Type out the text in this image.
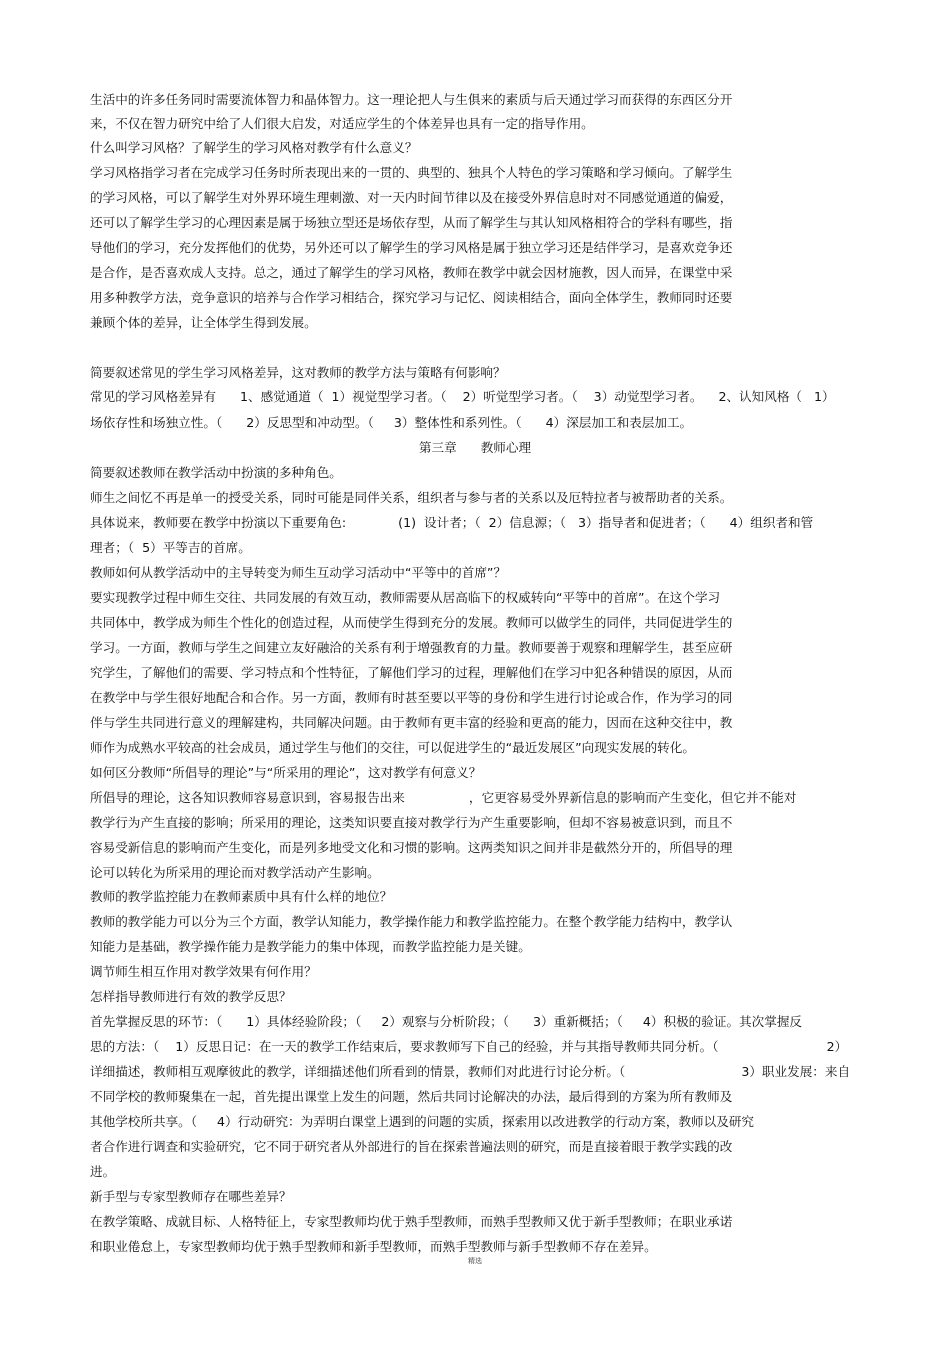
生活中的许多任务同时需要流体智力和晶体智力。这一理论把人与生俱来的素质与后天通过学习而获得的东西区分开
来，不仅在智力研究中给了人们很大启发，对适应学生的个体差异也具有一定的指导作用。
什么叫学习风格？了解学生的学习风格对教学有什么意义？
学习风格指学习者在完成学习任务时所表现出来的一贯的、典型的、独具个人特色的学习策略和学习倾向。了解学生
的学习风格，可以了解学生对外界环境生理刺激、对一天内时间节律以及在接受外界信息时对不同感觉通道的偏爱，
还可以了解学生学习的心理因素是属于场独立型还是场依存型，从而了解学生与其认知风格相符合的学科有哪些，指
导他们的学习，充分发挥他们的优势，另外还可以了解学生的学习风格是属于独立学习还是结伴学习，是喜欢竞争还
是合作，是否喜欢成人支持。总之，通过了解学生的学习风格，教师在教学中就会因材施教，因人而异，在课堂中采
用多种教学方法，竞争意识的培养与合作学习相结合，探究学习与记忆、阅读相结合，面向全体学生，教师同时还要
兼顾个体的差异，让全体学生得到发展。
简要叙述常见的学生学习风格差异，这对教师的教学方法与策略有何影响？
常见的学习风格差异有      1、感觉通道（  1）视觉型学习者。（    2）听觉型学习者。（    3）动觉型学习者。    2、认知风格（   1）
场依存性和场独立性。（      2）反思型和冲动型。（     3）整体性和系列性。（      4）深层加工和表层加工。
第三章      教师心理
简要叙述教师在教学活动中扮演的多种角色。
师生之间忆不再是单一的授受关系，同时可能是同伴关系，组织者与参与者的关系以及厄特拉者与被帮助者的关系。
具体说来，教师要在教学中扮演以下重要角色:             (1)  设计者；（  2）信息源；（   3）指导者和促进者；（      4）组织者和管
理者；（  5）平等吉的首席。
教师如何从教学活动中的主导转变为师生互动学习活动中“平等中的首席”？
要实现教学过程中师生交往、共同发展的有效互动，教师需要从居高临下的权威转向“平等中的首席”。在这个学习
共同体中，教学成为师生个性化的创造过程，从而使学生得到充分的发展。教师可以做学生的同伴，共同促进学生的
学习。一方面，教师与学生之间建立友好融洽的关系有利于增强教育的力量。教师要善于观察和理解学生，甚至应研
究学生，了解他们的需要、学习特点和个性特征，了解他们学习的过程，理解他们在学习中犯各种错误的原因，从而
在教学中与学生很好地配合和合作。另一方面，教师有时甚至要以平等的身份和学生进行讨论或合作，作为学习的同
伴与学生共同进行意义的理解建构，共同解决问题。由于教师有更丰富的经验和更高的能力，因而在这种交往中，教
师作为成熟水平较高的社会成员，通过学生与他们的交往，可以促进学生的“最近发展区”向现实发展的转化。
如何区分教师“所倡导的理论”与“所采用的理论”，这对教学有何意义？
所倡导的理论，这各知识教师容易意识到，容易报告出来                ，它更容易受外界新信息的影响而产生变化，但它并不能对
教学行为产生直接的影响；所采用的理论，这类知识要直接对教学行为产生重要影响，但却不容易被意识到，而且不
容易受新信息的影响而产生变化，而是列多地受文化和习惯的影响。这两类知识之间并非是截然分开的，所倡导的理
论可以转化为所采用的理论而对教学活动产生影响。
教师的教学监控能力在教师素质中具有什么样的地位？
教师的教学能力可以分为三个方面，教学认知能力，教学操作能力和教学监控能力。在整个教学能力结构中，教学认
知能力是基础，教学操作能力是教学能力的集中体现，而教学监控能力是关键。
调节师生相互作用对教学效果有何作用？
怎样指导教师进行有效的教学反思？
首先掌握反思的环节：（      1）具体经验阶段；（     2）观察与分析阶段；（      3）重新概括；（     4）积极的验证。其次掌握反
思的方法：（    1）反思日记：在一天的教学工作结束后，要求教师写下自己的经验，并与其指导教师共同分析。（                           2）
详细描述，教师相互观摩彼此的教学，详细描述他们所看到的情景，教师们对此进行讨论分析。（                             3）职业发展：来自
不同学校的教师聚集在一起，首先提出课堂上发生的问题，然后共同讨论解决的办法，最后得到的方案为所有教师及
其他学校所共享。（     4）行动研究：为弄明白课堂上遇到的问题的实质，探索用以改进教学的行动方案，教师以及研究
者合作进行调查和实验研究，它不同于研究者从外部进行的旨在探索普遍法则的研究，而是直接着眼于教学实践的改
进。
新手型与专家型教师存在哪些差异？
在教学策略、成就目标、人格特征上，专家型教师均优于熟手型教师，而熟手型教师又优于新手型教师；在职业承诺
和职业倦怠上，专家型教师均优于熟手型教师和新手型教师，而熟手型教师与新手型教师不存在差异。
精选
